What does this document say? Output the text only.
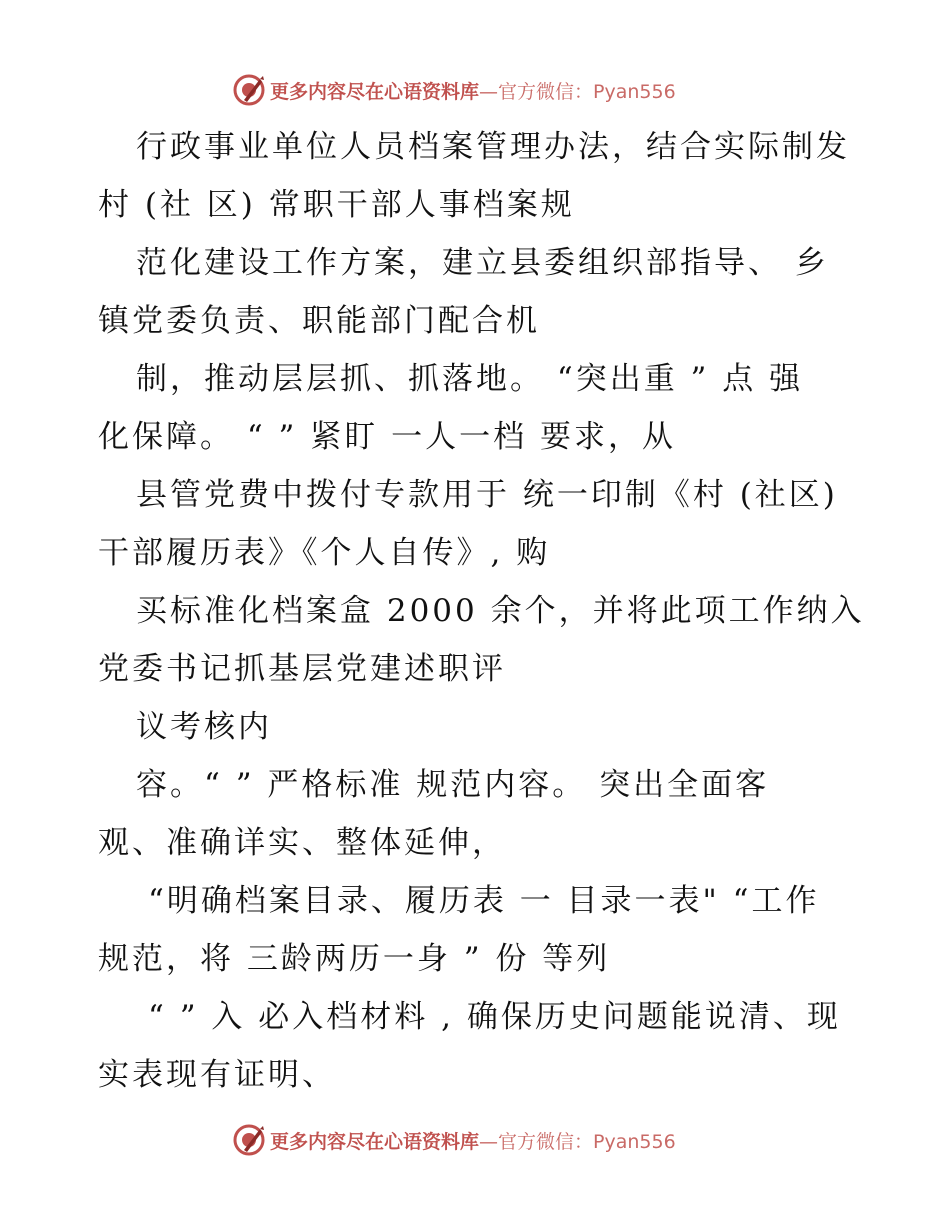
更多内容尽在心语资料库—官方微信：Pyan556
行政事业单位人员档案管理办法，结合实际制发
村 (社 区) 常职干部人事档案规
范化建设工作方案，建立县委组织部指导、 乡
镇党委负责、职能部门配合机
制，推动层层抓、抓落地。 “突出重 ” 点 强
化保障。 “ ” 紧盯 一人一档 要求，从
县管党费中拨付专款用于 统一印制《村 (社区)
干部履历表》《个人自传》, 购
买标准化档案盒 2000 余个，并将此项工作纳入
党委书记抓基层党建述职评
议考核内
容。“ ” 严格标准 规范内容。 突出全面客
观、准确详实、整体延伸，
“明确档案目录、履历表 一 目录一表" “工作
规范，将 三龄两历一身 ” 份 等列
“ ” 入 必入档材料 , 确保历史问题能说清、现
实表现有证明、
更多内容尽在心语资料库—官方微信：Pyan556
